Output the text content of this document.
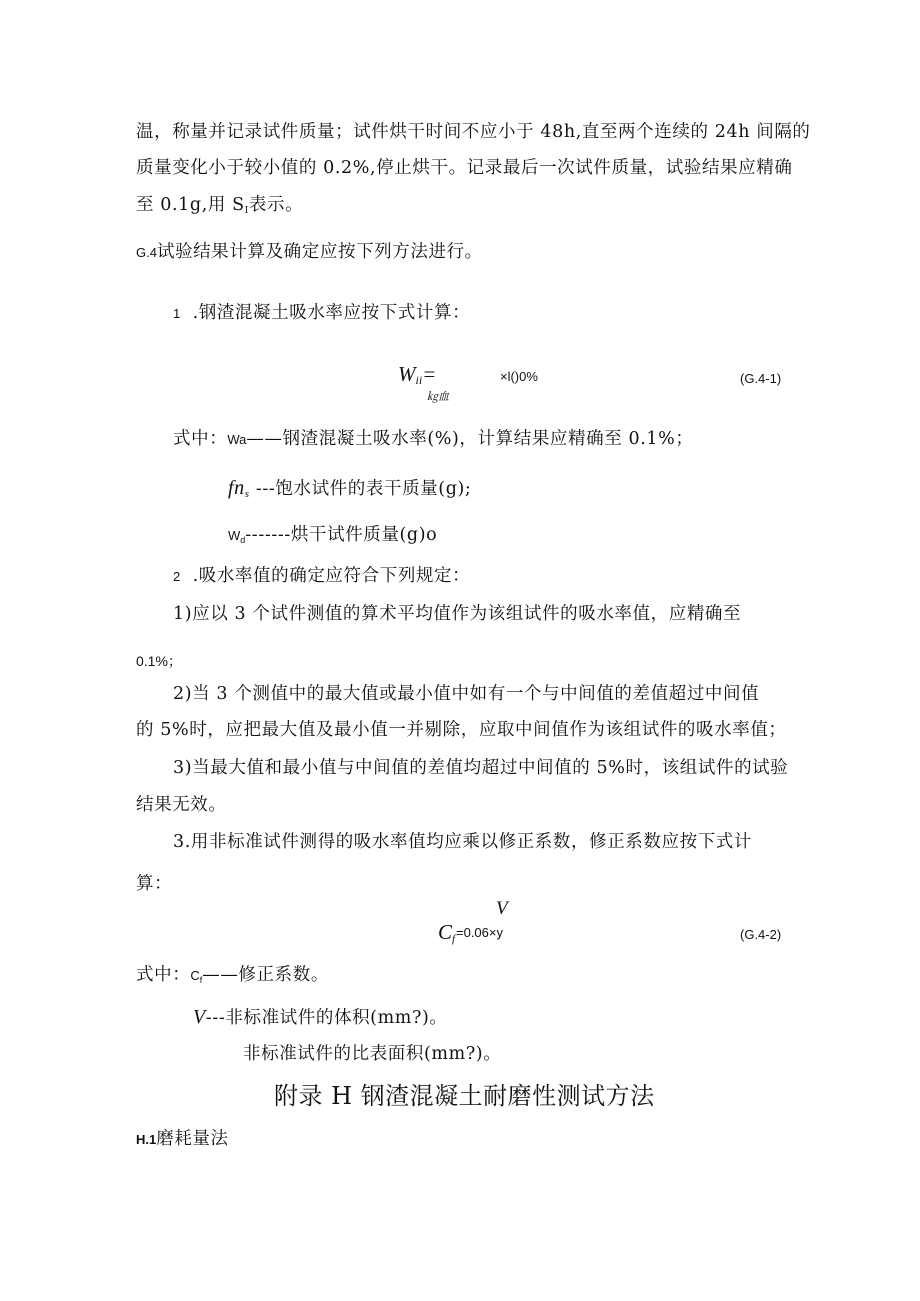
温，称量并记录试件质量；试件烘干时间不应小于 48h,直至两个连续的 24h 间隔的
质量变化小于较小值的 0.2%,停止烘干。记录最后一次试件质量，试验结果应精确
至 0.1g,用 $S_I$表示。
G.4试验结果计算及确定应按下列方法进行。
1 .钢渣混凝土吸水率应按下式计算：
$W_{ii}=$
㎏血
×l()0%	(G.4-1)
式中：Wa——钢渣混凝土吸水率(%)，计算结果应精确至 0.1%；
$fn_s$ ---饱水试件的表干质量(g);
$W_d-------$烘干试件质量(g)o
2 .吸水率值的确定应符合下列规定：
1)应以 3 个试件测值的算术平均值作为该组试件的吸水率值，应精确至
0.1%；
2)当 3 个测值中的最大值或最小值中如有一个与中间值的差值超过中间值
的 5%时，应把最大值及最小值一并剔除，应取中间值作为该组试件的吸水率值；
3)当最大值和最小值与中间值的差值均超过中间值的 5%时，该组试件的试验
结果无效。
3.用非标准试件测得的吸水率值均应乘以修正系数，修正系数应按下式计
算：
V
$C_f =0.06\times y$	(G.4-2)
式中：$C_f——$修正系数。
V---非标准试件的体积(mm?)。
非标准试件的比表面积(mm?)。
附录 H 钢渣混凝土耐磨性测试方法
H.1磨耗量法
